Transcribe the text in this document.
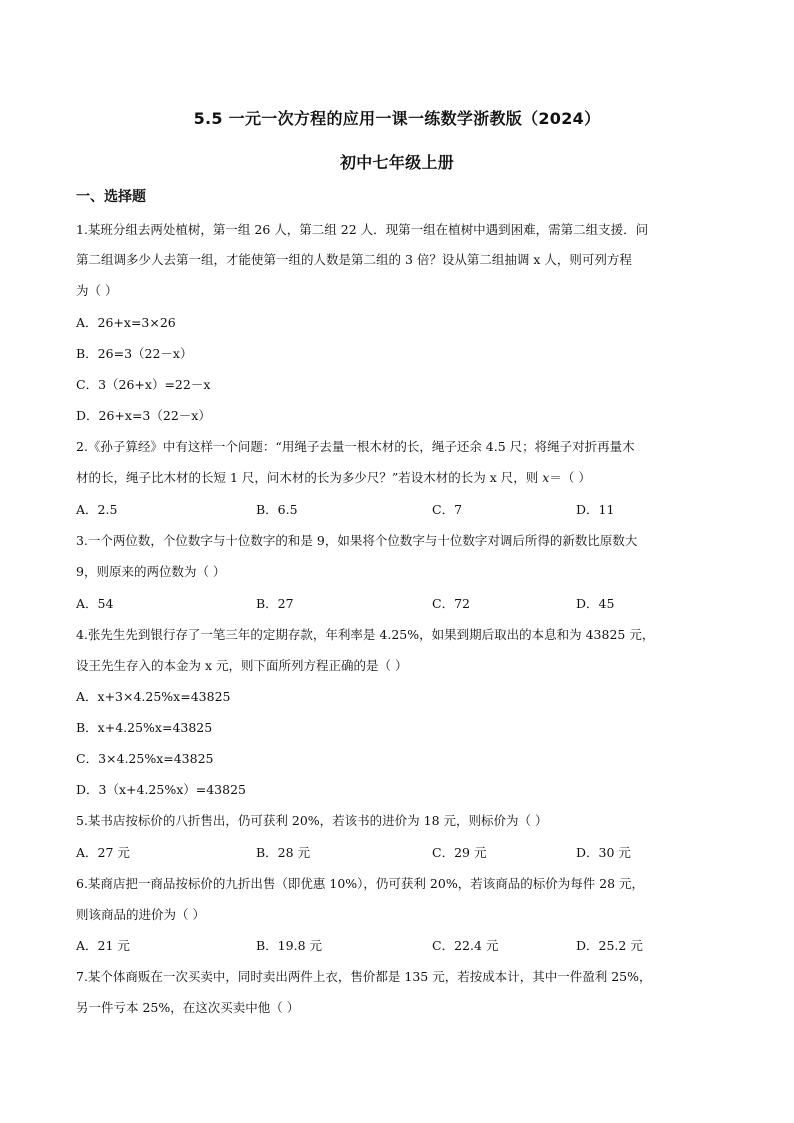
5.5 一元一次方程的应用一课一练数学浙教版（2024）
初中七年级上册
一、选择题
1.某班分组去两处植树，第一组 26 人，第二组 22 人．现第一组在植树中遇到困难，需第二组支援．问
第二组调多少人去第一组，才能使第一组的人数是第二组的 3 倍？设从第二组抽调 x 人，则可列方程
为（ ）
A．26+x=3×26
B．26=3（22－x）
C．3（26+x）=22－x
D．26+x=3（22－x）
2.《孙子算经》中有这样一个问题：“用绳子去量一根木材的长，绳子还余 4.5 尺；将绳子对折再量木
材的长，绳子比木材的长短 1 尺，问木材的长为多少尺？”若设木材的长为 x 尺，则 x＝（ ）
A．2.5	B．6.5	C．7	D．11
3.一个两位数，个位数字与十位数字的和是 9，如果将个位数字与十位数字对调后所得的新数比原数大
9，则原来的两位数为（ ）
A．54	B．27	C．72	D．45
4.张先生先到银行存了一笔三年的定期存款，年利率是 4.25%，如果到期后取出的本息和为 43825 元，
设王先生存入的本金为 x 元，则下面所列方程正确的是（ ）
A．x+3×4.25%x=43825
B．x+4.25%x=43825
C．3×4.25%x=43825
D．3（x+4.25%x）=43825
5.某书店按标价的八折售出，仍可获利 20%，若该书的进价为 18 元，则标价为（ ）
A．27 元	B．28 元	C．29 元	D．30 元
6.某商店把一商品按标价的九折出售（即优惠 10%），仍可获利 20%，若该商品的标价为每件 28 元，
则该商品的进价为（ ）
A．21 元	B．19.8 元	C．22.4 元	D．25.2 元
7.某个体商贩在一次买卖中，同时卖出两件上衣，售价都是 135 元，若按成本计，其中一件盈利 25%，
另一件亏本 25%，在这次买卖中他（ ）
